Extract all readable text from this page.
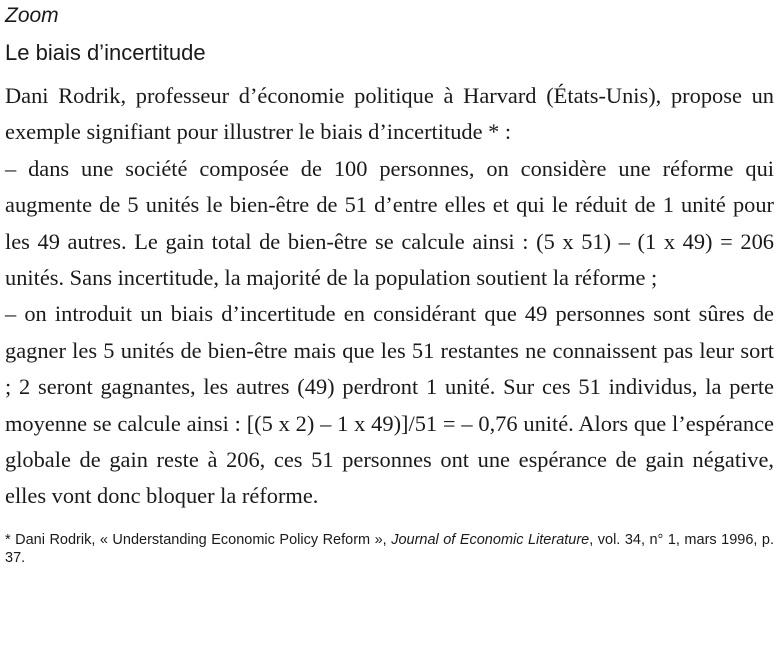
Zoom

Le biais d’incertitude

Dani Rodrik, professeur d’économie politique à Harvard (États-Unis), propose un exemple signifiant pour illustrer le biais d’incertitude * :

– dans une société composée de 100 personnes, on considère une réforme qui augmente de 5 unités le bien-être de 51 d’entre elles et qui le réduit de 1 unité pour les 49 autres. Le gain total de bien-être se calcule ainsi : (5 x 51) – (1 x 49) = 206 unités. Sans incertitude, la majorité de la population soutient la réforme ;

– on introduit un biais d’incertitude en considérant que 49 personnes sont sûres de gagner les 5 unités de bien-être mais que les 51 restantes ne connaissent pas leur sort ; 2 seront gagnantes, les autres (49) perdront 1 unité. Sur ces 51 individus, la perte moyenne se calcule ainsi : [(5 x 2) – 1 x 49)]/51 = – 0,76 unité. Alors que l’espérance globale de gain reste à 206, ces 51 personnes ont une espérance de gain négative, elles vont donc bloquer la réforme.

* Dani Rodrik, « Understanding Economic Policy Reform », Journal of Economic Literature, vol. 34, n° 1, mars 1996, p. 37.
